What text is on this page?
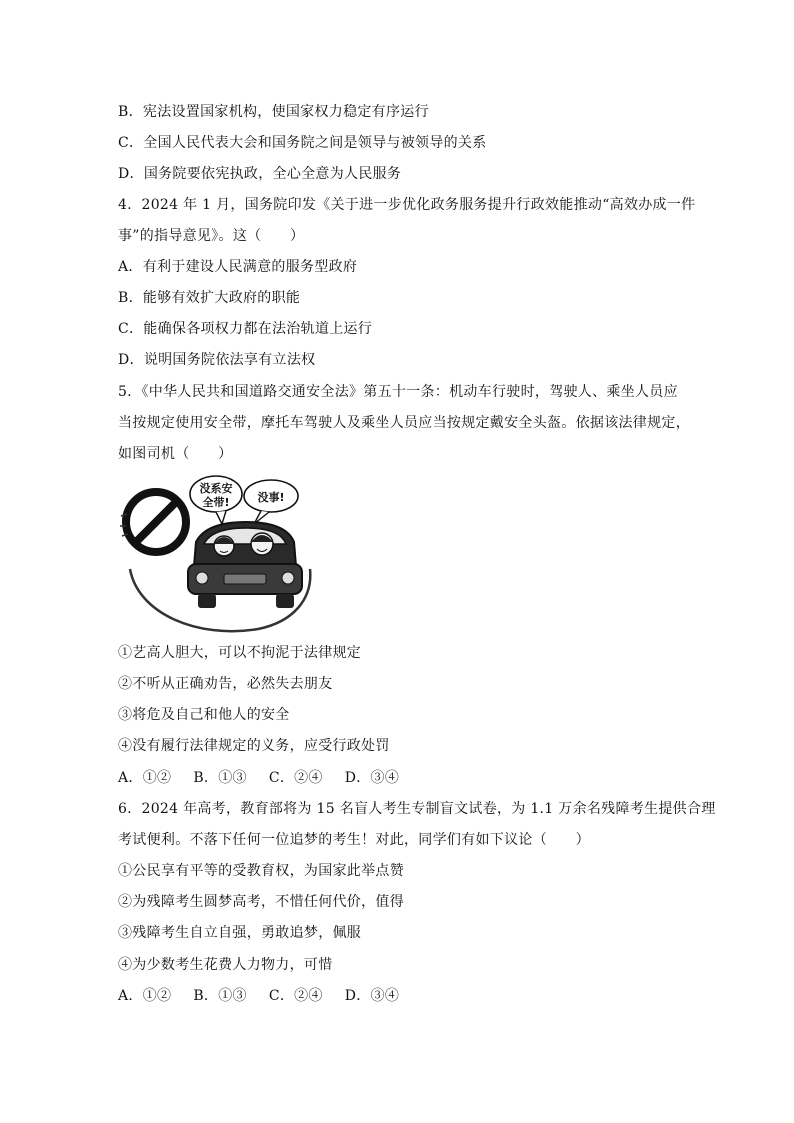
B．宪法设置国家机构，使国家权力稳定有序运行
C．全国人民代表大会和国务院之间是领导与被领导的关系
D．国务院要依宪执政，全心全意为人民服务
4．2024 年 1 月，国务院印发《关于进一步优化政务服务提升行政效能推动“高效办成一件
事”的指导意见》。这（　　）
A．有利于建设人民满意的服务型政府
B．能够有效扩大政府的职能
C．能确保各项权力都在法治轨道上运行
D．说明国务院依法享有立法权
5．《中华人民共和国道路交通安全法》第五十一条：机动车行驶时，驾驶人、乘坐人员应
当按规定使用安全带，摩托车驾驶人及乘坐人员应当按规定戴安全头盔。依据该法律规定，
如图司机（　　）
没系安
全带!	没事!
①艺高人胆大，可以不拘泥于法律规定
②不听从正确劝告，必然失去朋友
③将危及自己和他人的安全
④没有履行法律规定的义务，应受行政处罚
A．①② B．①③ C．②④ D．③④
6．2024 年高考，教育部将为 15 名盲人考生专制盲文试卷，为 1.1 万余名残障考生提供合理
考试便利。不落下任何一位追梦的考生！对此，同学们有如下议论（　　）
①公民享有平等的受教育权，为国家此举点赞
②为残障考生圆梦高考，不惜任何代价，值得
③残障考生自立自强，勇敢追梦，佩服
④为少数考生花费人力物力，可惜
A．①② B．①③ C．②④ D．③④
